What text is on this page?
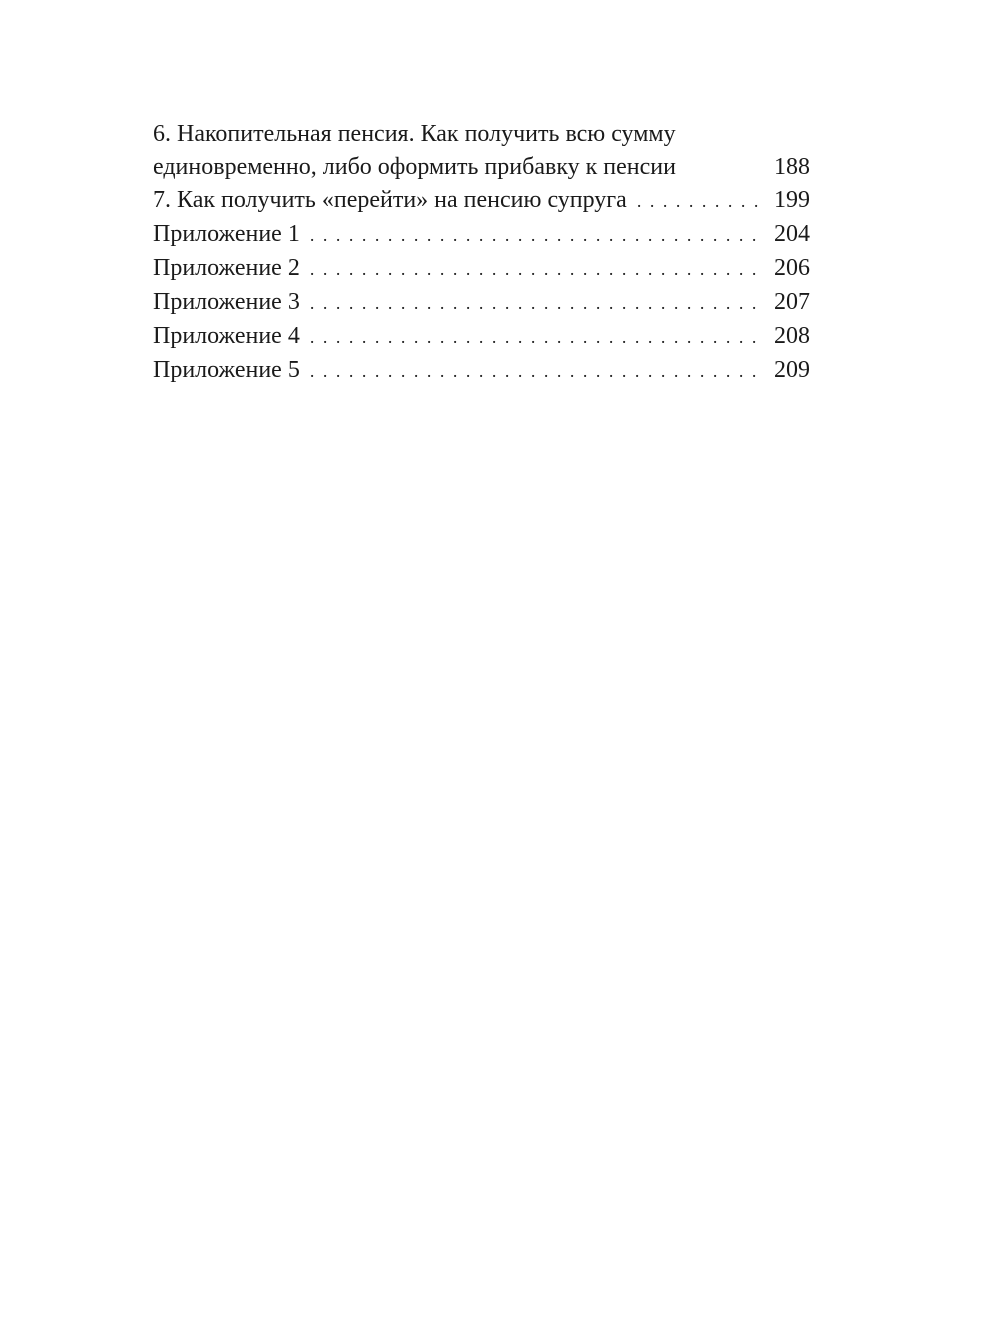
6. Накопительная пенсия. Как получить всю сумму
единовременно, либо оформить прибавку к пенсии	188
7. Как получить «перейти» на пенсию супруга . . .	199
Приложение 1 . . .	204
Приложение 2 . . .	206
Приложение 3 . . .	207
Приложение 4 . . .	208
Приложение 5 . . .	209
